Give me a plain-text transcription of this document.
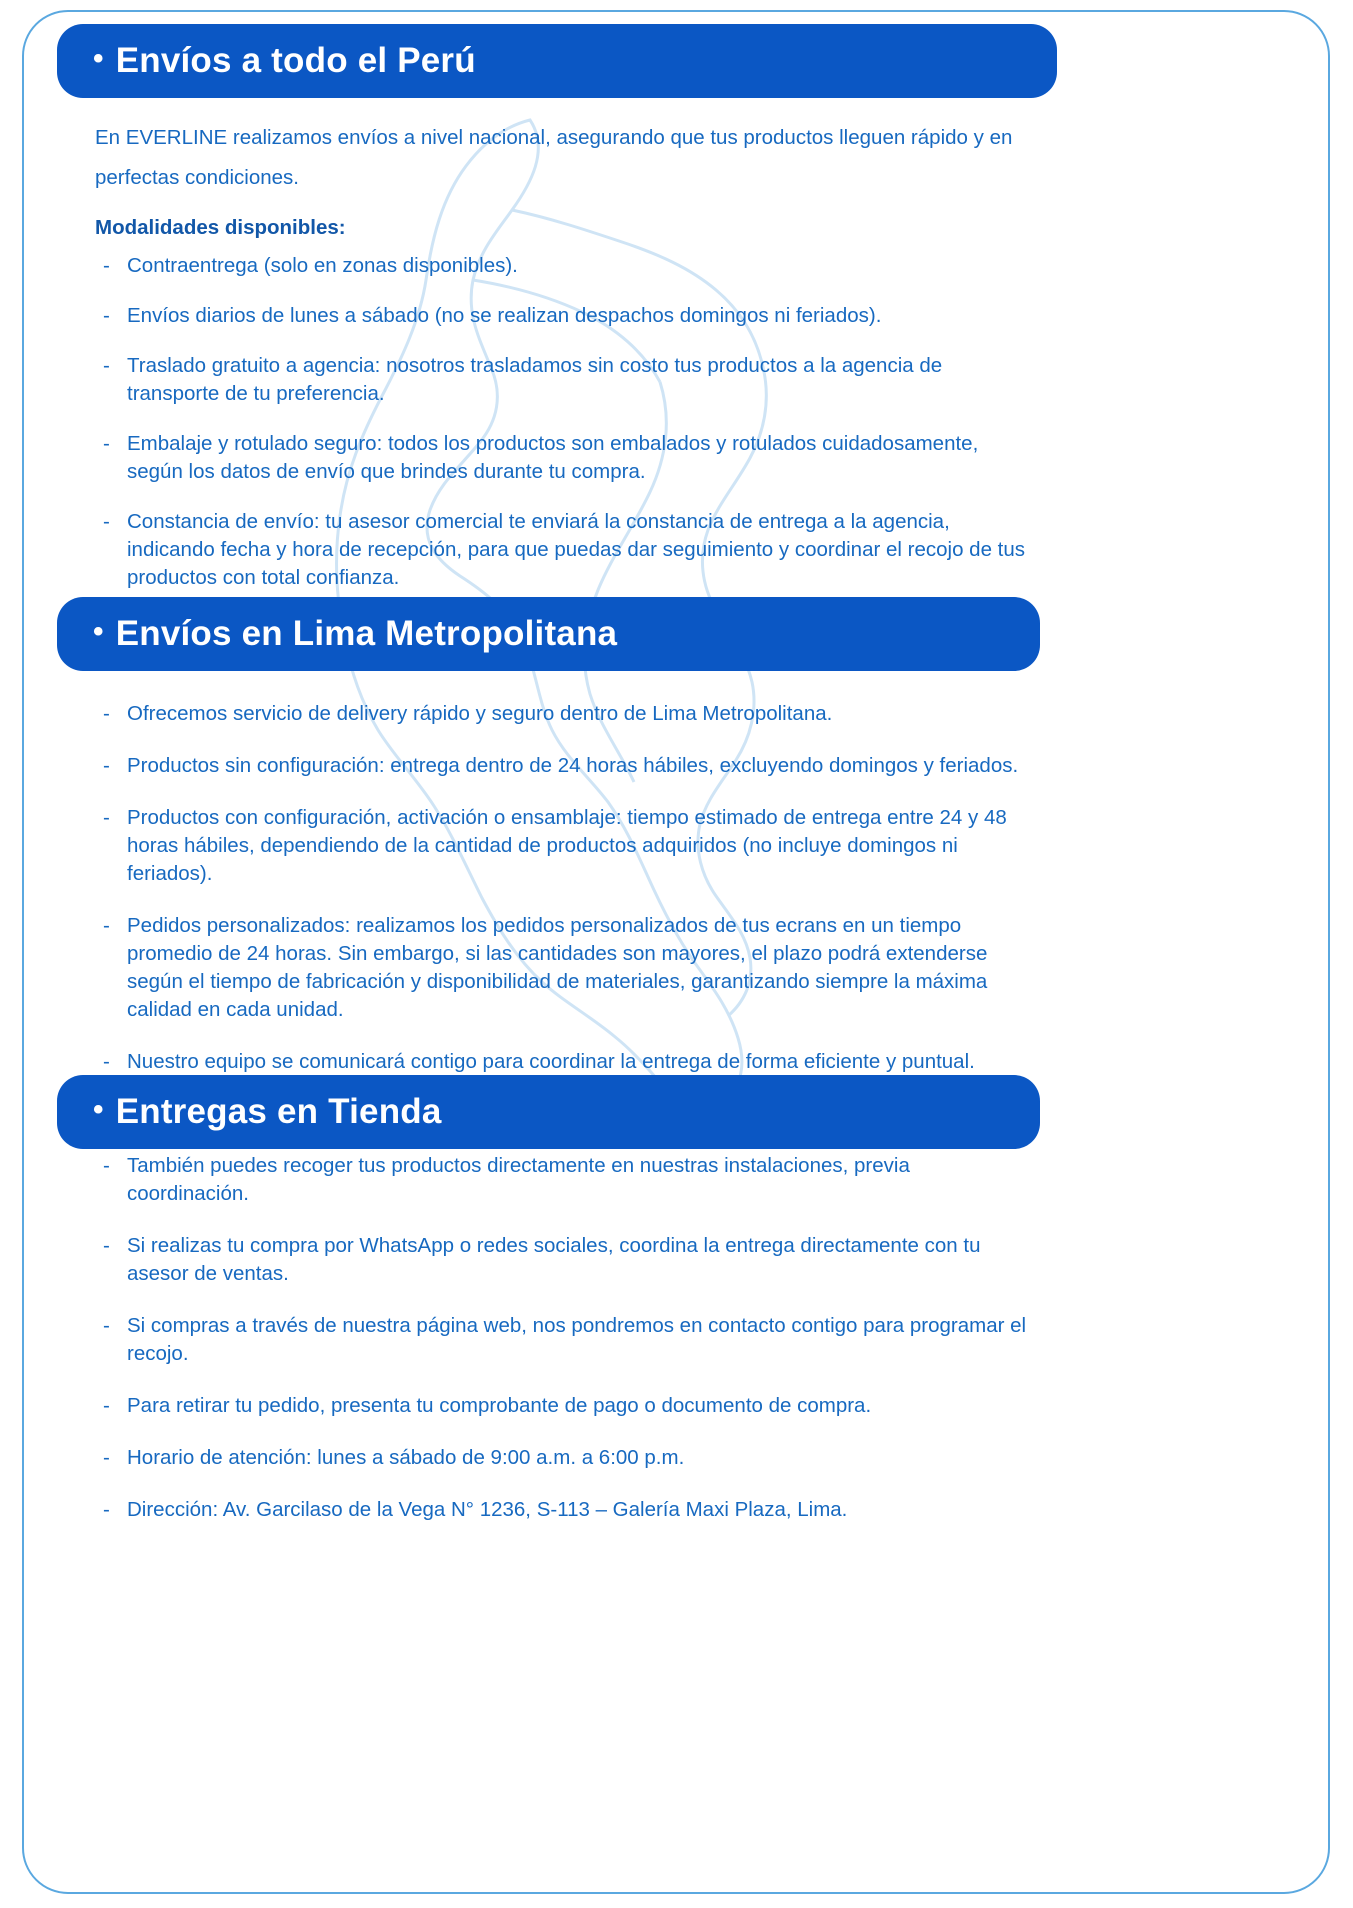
• Envíos a todo el Perú

En EVERLINE realizamos envíos a nivel nacional, asegurando que tus productos lleguen rápido y en perfectas condiciones.

Modalidades disponibles:

- Contraentrega (solo en zonas disponibles).
- Envíos diarios de lunes a sábado (no se realizan despachos domingos ni feriados).
- Traslado gratuito a agencia: nosotros trasladamos sin costo tus productos a la agencia de transporte de tu preferencia.
- Embalaje y rotulado seguro: todos los productos son embalados y rotulados cuidadosamente, según los datos de envío que brindes durante tu compra.
- Constancia de envío: tu asesor comercial te enviará la constancia de entrega a la agencia, indicando fecha y hora de recepción, para que puedas dar seguimiento y coordinar el recojo de tus productos con total confianza.
• Envíos en Lima Metropolitana
- Ofrecemos servicio de delivery rápido y seguro dentro de Lima Metropolitana.
- Productos sin configuración: entrega dentro de 24 horas hábiles, excluyendo domingos y feriados.
- Productos con configuración, activación o ensamblaje: tiempo estimado de entrega entre 24 y 48 horas hábiles, dependiendo de la cantidad de productos adquiridos (no incluye domingos ni feriados).
- Pedidos personalizados: realizamos los pedidos personalizados de tus ecrans en un tiempo promedio de 24 horas. Sin embargo, si las cantidades son mayores, el plazo podrá extenderse según el tiempo de fabricación y disponibilidad de materiales, garantizando siempre la máxima calidad en cada unidad.
- Nuestro equipo se comunicará contigo para coordinar la entrega de forma eficiente y puntual.
• Entregas en Tienda
- También puedes recoger tus productos directamente en nuestras instalaciones, previa coordinación.
- Si realizas tu compra por WhatsApp o redes sociales, coordina la entrega directamente con tu asesor de ventas.
- Si compras a través de nuestra página web, nos pondremos en contacto contigo para programar el recojo.
- Para retirar tu pedido, presenta tu comprobante de pago o documento de compra.
- Horario de atención: lunes a sábado de 9:00 a.m. a 6:00 p.m.
- Dirección: Av. Garcilaso de la Vega N° 1236, S-113 – Galería Maxi Plaza, Lima.
